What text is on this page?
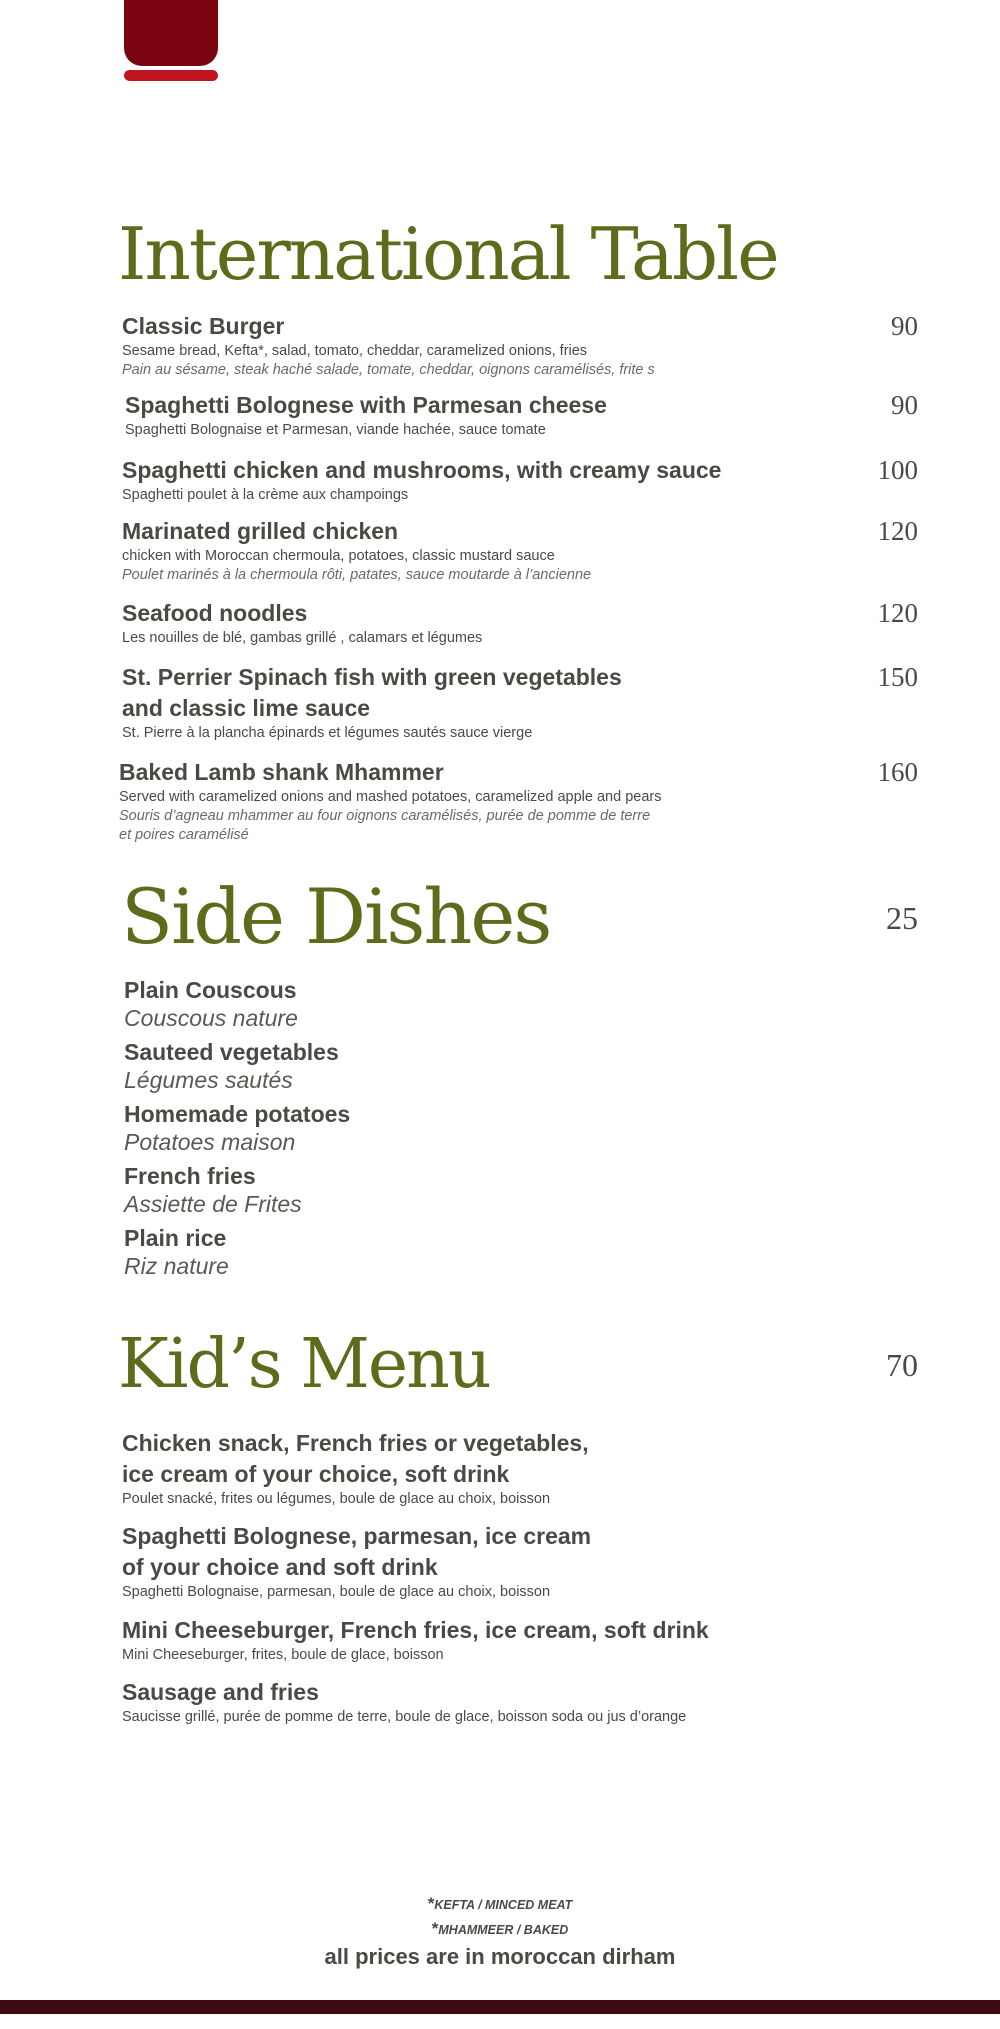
International Table
Classic Burger
Sesame bread, Kefta*, salad, tomato, cheddar, caramelized onions, fries
Pain au sésame, steak haché salade, tomate, cheddar, oignons caramélisés, frite s
90
Spaghetti Bolognese with Parmesan cheese
Spaghetti Bolognaise et Parmesan, viande hachée, sauce tomate
90
Spaghetti chicken and mushrooms, with creamy sauce
Spaghetti poulet à la crème aux champoings
100
Marinated grilled chicken
chicken with Moroccan chermoula, potatoes, classic mustard sauce
Poulet marinés à la chermoula rôti, patates, sauce moutarde à l’ancienne
120
Seafood noodles
Les nouilles de blé, gambas grillé , calamars et légumes
120
St. Perrier Spinach fish with green vegetables
and classic lime sauce
St. Pierre à la plancha épinards et légumes sautés sauce vierge
150
Baked Lamb shank Mhammer
Served with caramelized onions and mashed potatoes, caramelized apple and pears
Souris d’agneau mhammer au four oignons caramélisés, purée de pomme de terre
et poires caramélisé
160
Side Dishes	25
Plain Couscous
Couscous nature
Sauteed vegetables
Légumes sautés
Homemade potatoes
Potatoes maison
French fries
Assiette de Frites
Plain rice
Riz nature
Kid’s Menu	70
Chicken snack, French fries or vegetables,
ice cream of your choice, soft drink
Poulet snacké, frites ou légumes, boule de glace au choix, boisson
Spaghetti Bolognese, parmesan, ice cream
of your choice and soft drink
Spaghetti Bolognaise, parmesan, boule de glace au choix, boisson
Mini Cheeseburger, French fries, ice cream, soft drink
Mini Cheeseburger, frites, boule de glace, boisson
Sausage and fries
Saucisse grillé, purée de pomme de terre, boule de glace, boisson soda ou jus d’orange
*KEFTA / MINCED MEAT
*MHAMMEER / BAKED
all prices are in moroccan dirham
